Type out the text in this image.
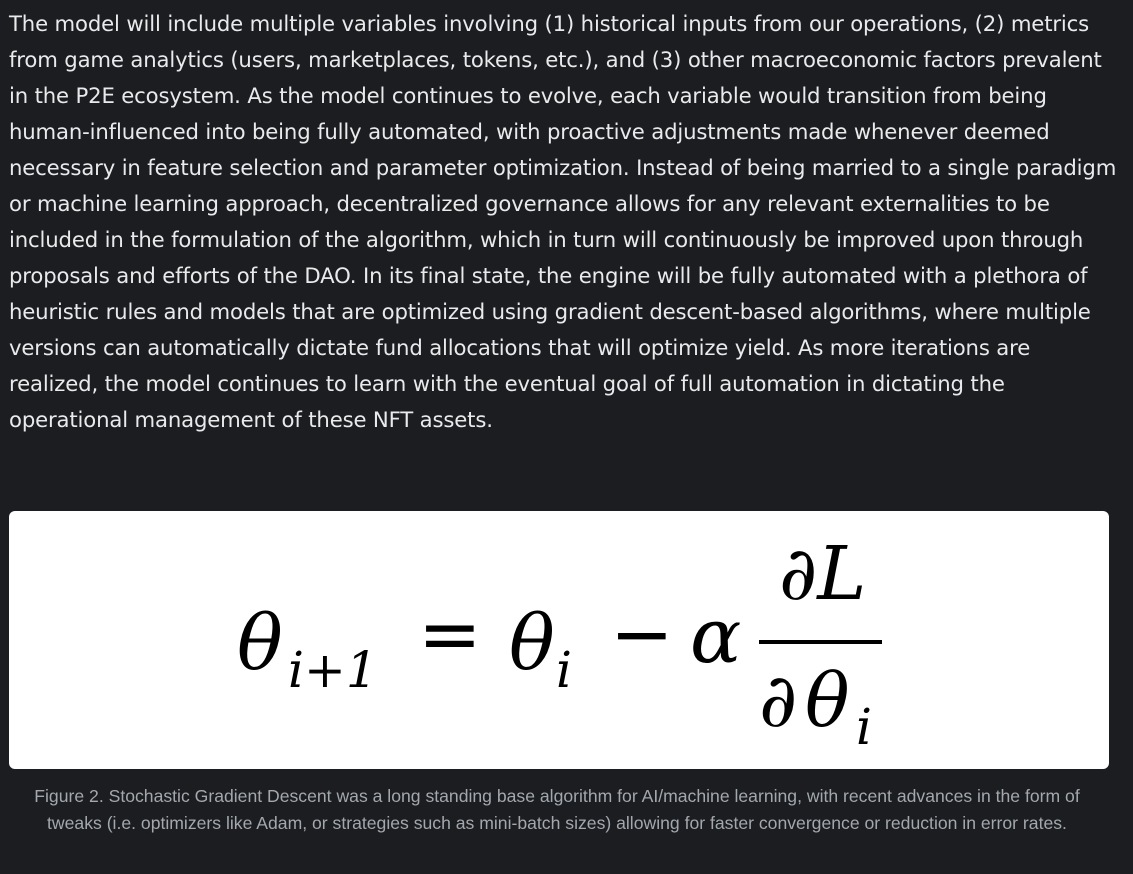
The model will include multiple variables involving (1) historical inputs from our operations, (2) metrics from game analytics (users, marketplaces, tokens, etc.), and (3) other macroeconomic factors prevalent in the P2E ecosystem. As the model continues to evolve, each variable would transition from being human-influenced into being fully automated, with proactive adjustments made whenever deemed necessary in feature selection and parameter optimization. Instead of being married to a single paradigm or machine learning approach, decentralized governance allows for any relevant externalities to be included in the formulation of the algorithm, which in turn will continuously be improved upon through proposals and efforts of the DAO. In its final state, the engine will be fully automated with a plethora of heuristic rules and models that are optimized using gradient descent-based algorithms, where multiple versions can automatically dictate fund allocations that will optimize yield. As more iterations are realized, the model continues to learn with the eventual goal of full automation in dictating the operational management of these NFT assets.

θ i+1 = θ i − α
∂L
∂ θ i

Figure 2. Stochastic Gradient Descent was a long standing base algorithm for AI/machine learning, with recent advances in the form of tweaks (i.e. optimizers like Adam, or strategies such as mini-batch sizes) allowing for faster convergence or reduction in error rates.
